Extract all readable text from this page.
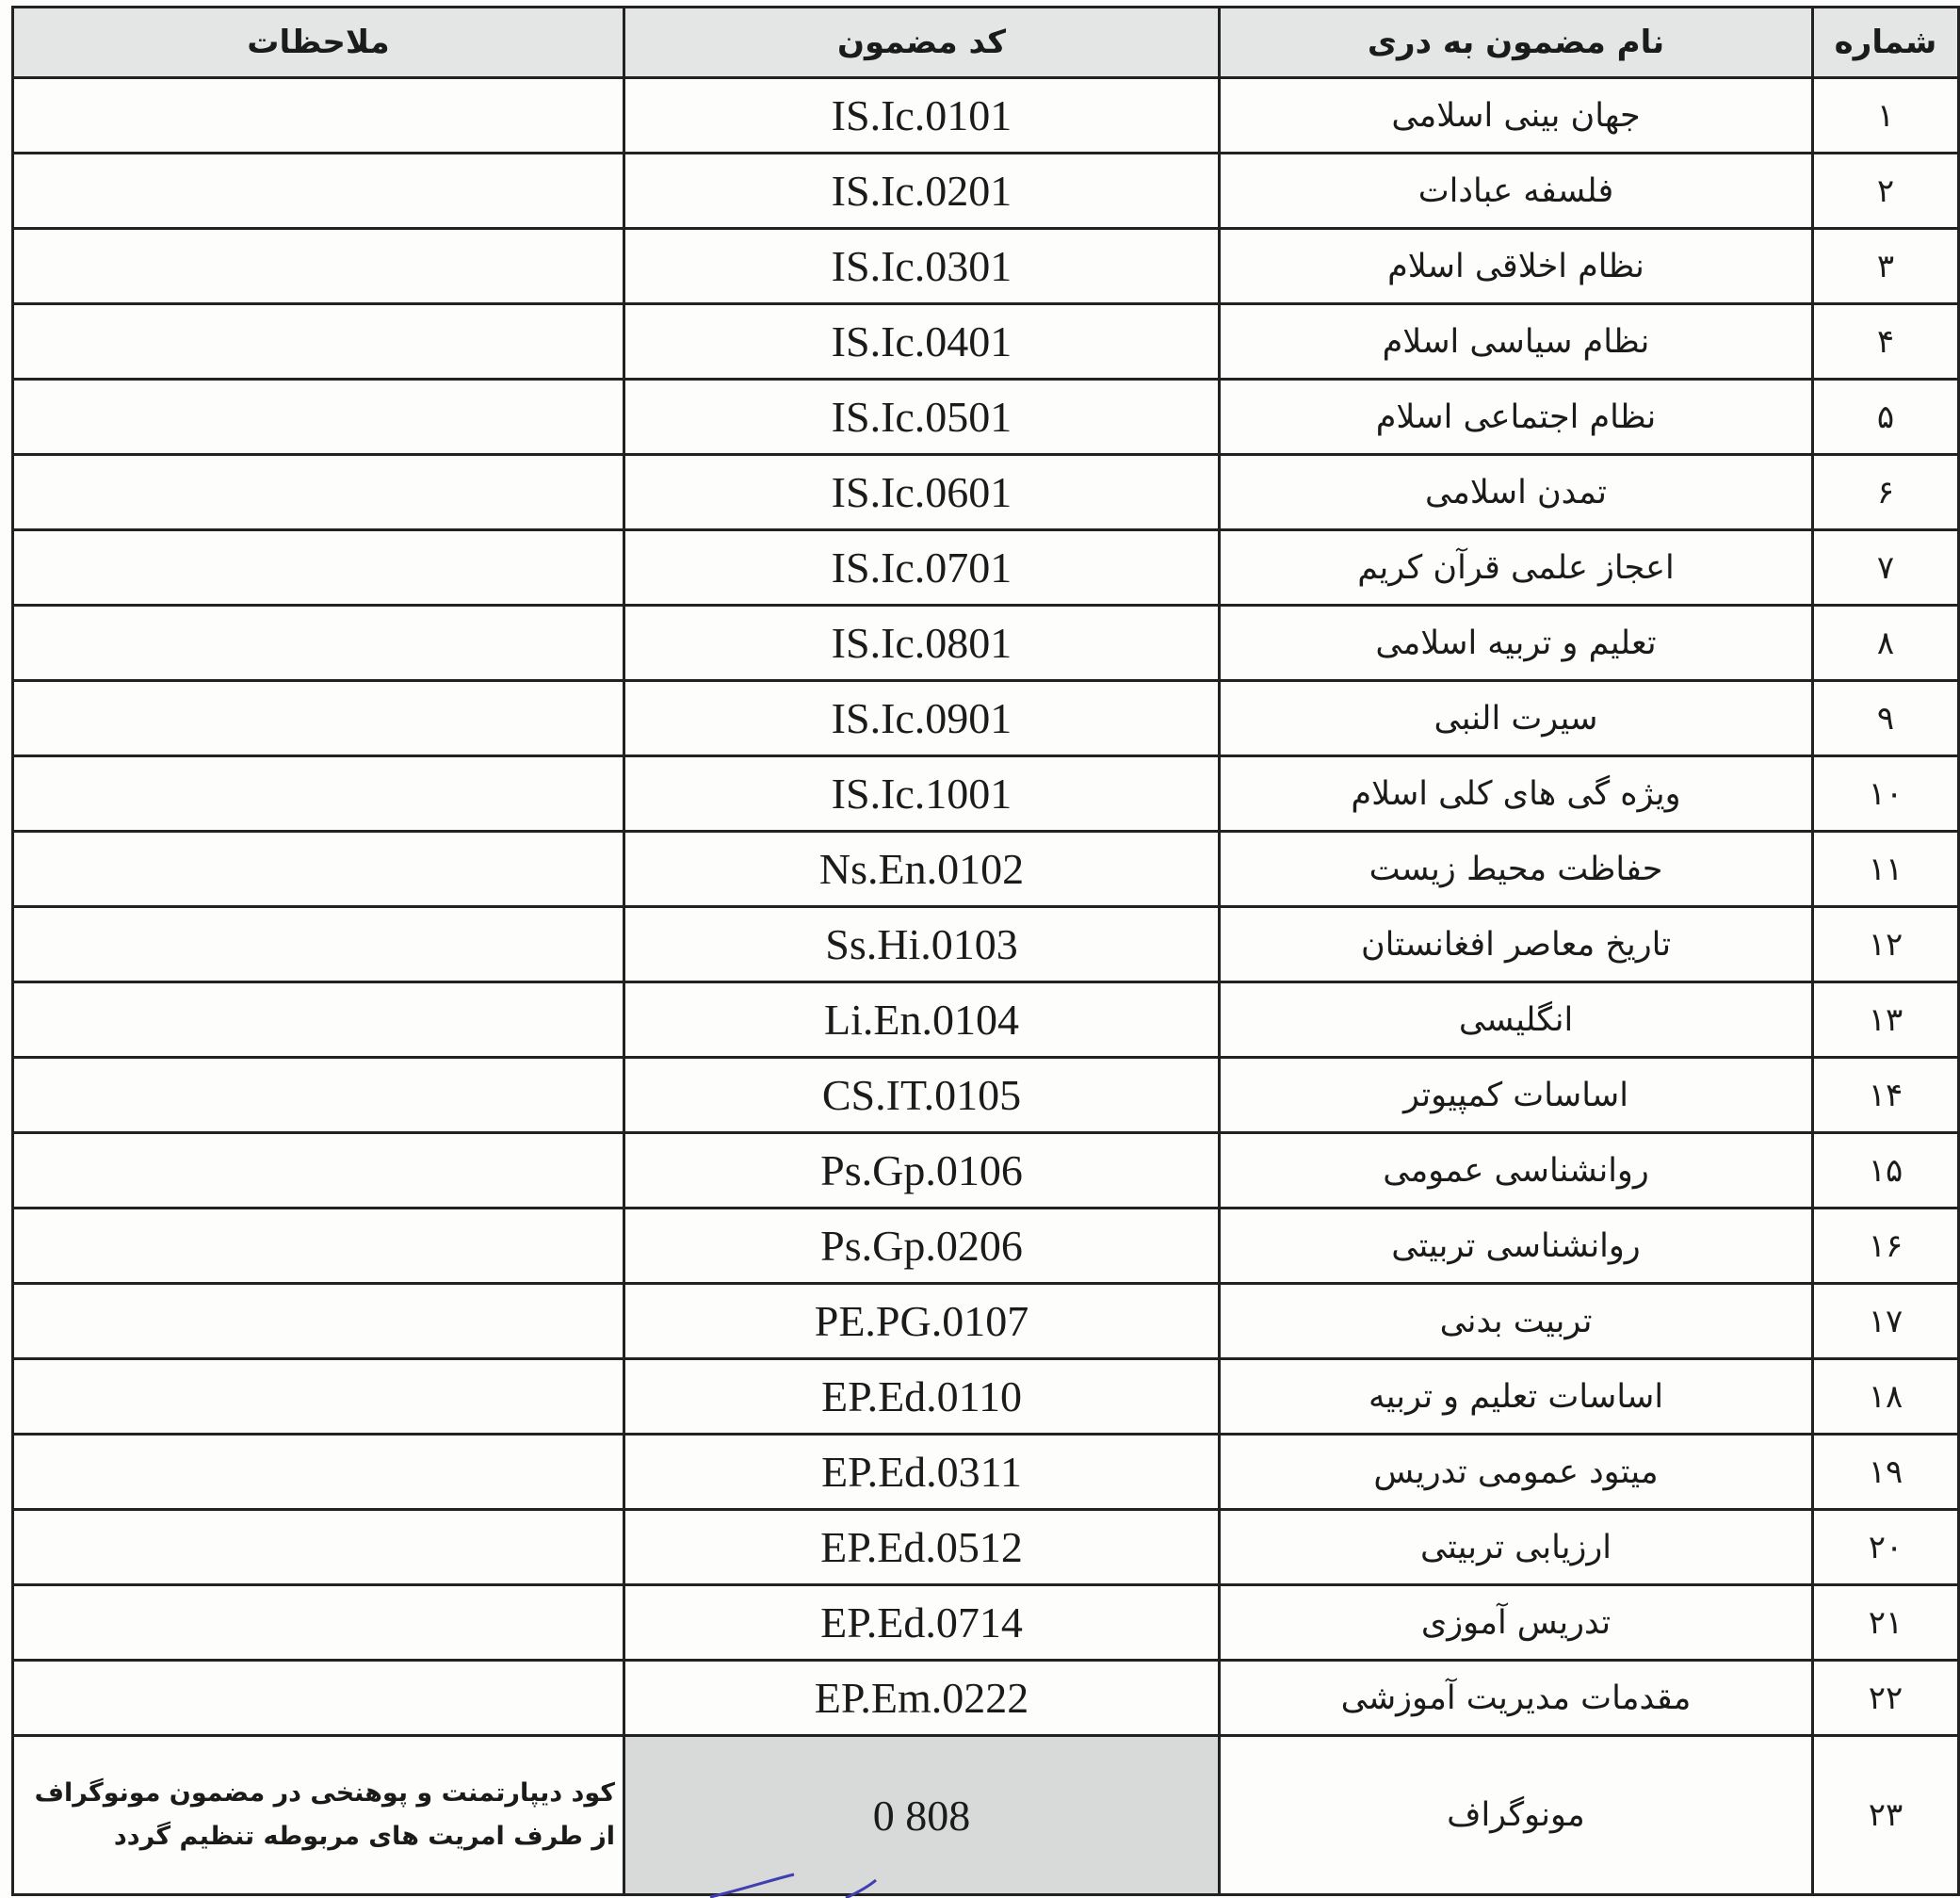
شماره	نام مضمون به دری	کد مضمون	ملاحظات
۱	جهان بینی اسلامی	IS.Ic.0101	
۲	فلسفه عبادات	IS.Ic.0201	
۳	نظام اخلاقی اسلام	IS.Ic.0301	
۴	نظام سیاسی اسلام	IS.Ic.0401	
۵	نظام اجتماعی اسلام	IS.Ic.0501	
۶	تمدن اسلامی	IS.Ic.0601	
۷	اعجاز علمی قرآن کریم	IS.Ic.0701	
۸	تعلیم و تربیه اسلامی	IS.Ic.0801	
۹	سیرت النبی	IS.Ic.0901	
۱۰	ویژه گی های کلی اسلام	IS.Ic.1001	
۱۱	حفاظت محیط زیست	Ns.En.0102	
۱۲	تاریخ معاصر افغانستان	Ss.Hi.0103	
۱۳	انگلیسی	Li.En.0104	
۱۴	اساسات کمپیوتر	CS.IT.0105	
۱۵	روانشناسی عمومی	Ps.Gp.0106	
۱۶	روانشناسی تربیتی	Ps.Gp.0206	
۱۷	تربیت بدنی	PE.PG.0107	
۱۸	اساسات تعلیم و تربیه	EP.Ed.0110	
۱۹	میتود عمومی تدریس	EP.Ed.0311	
۲۰	ارزیابی تربیتی	EP.Ed.0512	
۲۱	تدریس آموزی	EP.Ed.0714	
۲۲	مقدمات مدیریت آموزشی	EP.Em.0222	
۲۳	مونوگراف	0 808	کود دیپارتمنت و پوهنخی در مضمون مونوگراف از طرف امریت های مربوطه تنظیم گردد
